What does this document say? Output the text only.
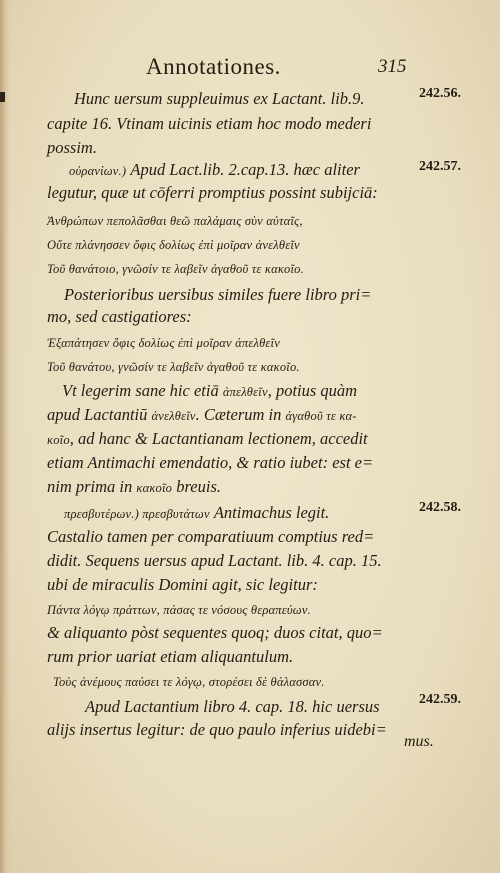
Annotationes.	315
Hunc uersum suppleuimus ex Lactant. lib.9.	242.56.
capite 16. Vtinam uicinis etiam hoc modo mederi
possim.
οὐρανίων.) Apud Lact.lib. 2.cap.13. hæc aliter	242.57.
legutur, quæ ut cōferri promptius possint subijciā:
Ἀνθρώπων πεπολᾶσθαι θεῶ παλάμαις σὺν αὐταῖς,
Οὔτε πλάνησσεν ὄφις δολίως ἐπὶ μοῖραν ἀνελθεῖν
Τοῦ θανάτοιο, γνῶσίν τε λαβεῖν ἀγαθοῦ τε κακοῖο.
Posterioribus uersibus similes fuere libro pri=
mo, sed castigatiores:
Ἐξαπάτησεν ὄφις δολίως ἐπὶ μοῖραν ἀπελθεῖν
Τοῦ θανάτου, γνῶσίν τε λαβεῖν ἀγαθοῦ τε κακοῖο.
Vt legerim sane hic etiā ἀπελθεῖν, potius quàm
apud Lactantiū ἀνελθεῖν. Cæterum in ἀγαθοῦ τε κα-
κοῖο, ad hanc & Lactantianam lectionem, accedit
etiam Antimachi emendatio, & ratio iubet: est e=
nim prima in κακοῖο breuis.
πρεσβυτέρων.) πρεσβυτάτων Antimachus legit.	242.58.
Castalio tamen per comparatiuum comptius red=
didit. Sequens uersus apud Lactant. lib. 4. cap. 15.
ubi de miraculis Domini agit, sic legitur:
Πάντα λόγῳ πράττων, πάσας τε νόσους θεραπεύων.
& aliquanto pòst sequentes quoq; duos citat, quo=
rum prior uariat etiam aliquantulum.
Τοὺς ἀνέμους παύσει τε λόγῳ, στορέσει δὲ θάλασσαν.
Apud Lactantium libro 4. cap. 18. hic uersus	242.59.
alijs insertus legitur: de quo paulo inferius uidebi=
mus.
